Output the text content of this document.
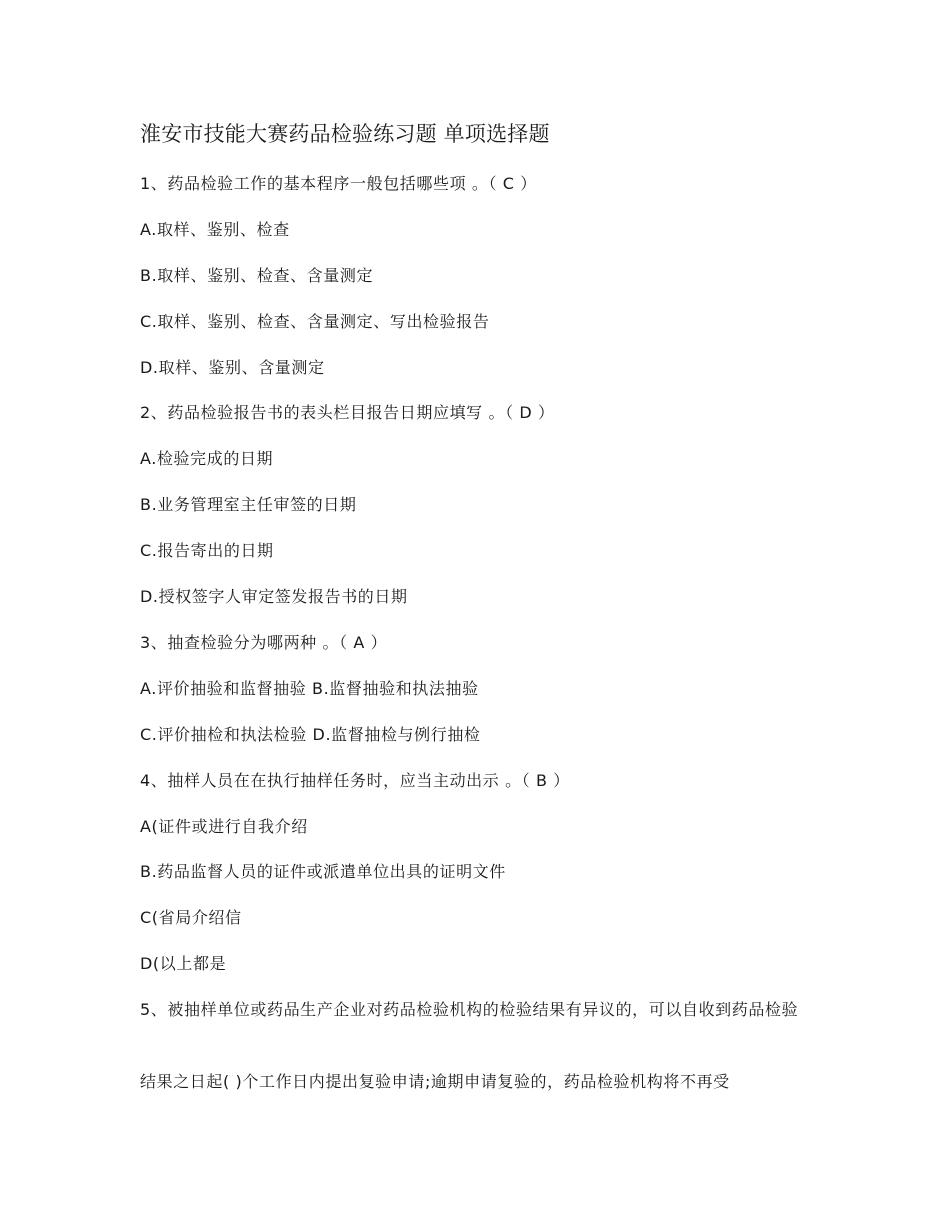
淮安市技能大赛药品检验练习题 单项选择题
1、药品检验工作的基本程序一般包括哪些项 。（ C ）
A.取样、鉴别、检查
B.取样、鉴别、检查、含量测定
C.取样、鉴别、检查、含量测定、写出检验报告
D.取样、鉴别、含量测定
2、药品检验报告书的表头栏目报告日期应填写 。（ D ）
A.检验完成的日期
B.业务管理室主任审签的日期
C.报告寄出的日期
D.授权签字人审定签发报告书的日期
3、抽查检验分为哪两种 。（ A ）
A.评价抽验和监督抽验 B.监督抽验和执法抽验
C.评价抽检和执法检验 D.监督抽检与例行抽检
4、抽样人员在在执行抽样任务时，应当主动出示 。（ B ）
A(证件或进行自我介绍
B.药品监督人员的证件或派遣单位出具的证明文件
C(省局介绍信
D(以上都是
5、被抽样单位或药品生产企业对药品检验机构的检验结果有异议的，可以自收到药品检验
结果之日起( )个工作日内提出复验申请;逾期申请复验的，药品检验机构将不再受
